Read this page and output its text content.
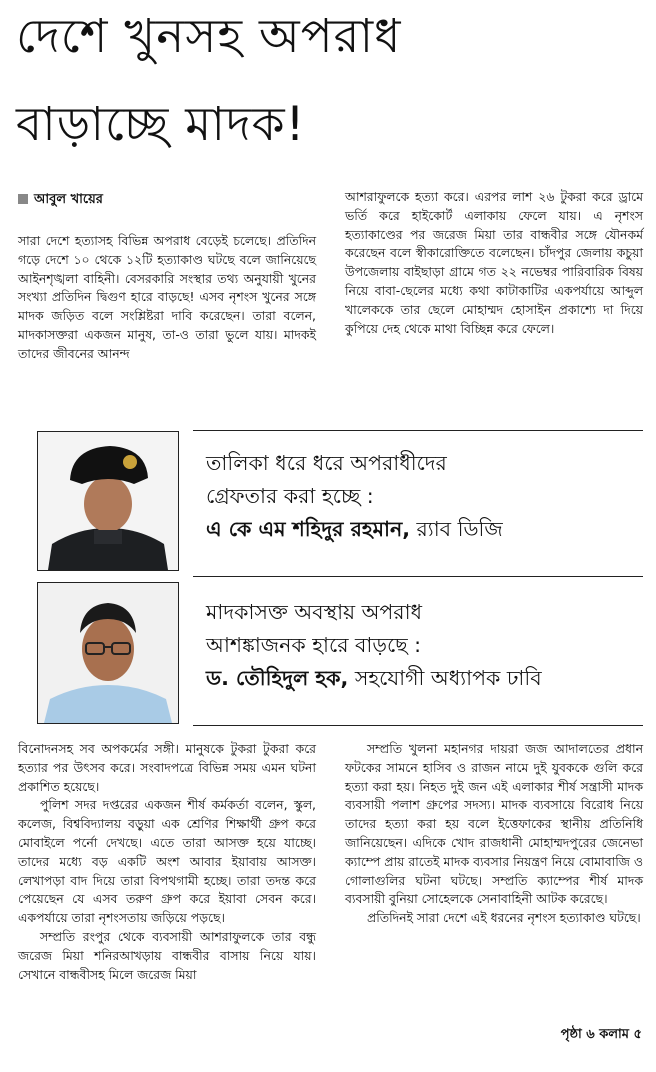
দেশে খুনসহ অপরাধ
বাড়াচ্ছে মাদক!
আবুল খায়ের

সারা দেশে হত্যাসহ বিভিন্ন অপরাধ বেড়েই চলেছে। প্রতিদিন গড়ে দেশে ১০ থেকে ১২টি হত্যাকাণ্ড ঘটছে বলে জানিয়েছে আইনশৃঙ্খলা বাহিনী। বেসরকারি সংস্থার তথ্য অনুযায়ী খুনের সংখ্যা প্রতিদিন দ্বিগুণ হারে বাড়ছে! এসব নৃশংস খুনের সঙ্গে মাদক জড়িত বলে সংশ্লিষ্টরা দাবি করেছেন। তারা বলেন, মাদকাসক্তরা একজন মানুষ, তা-ও তারা ভুলে যায়। মাদকই তাদের জীবনের আনন্দ

আশরাফুলকে হত্যা করে। এরপর লাশ ২৬ টুকরা করে ড্রামে ভর্তি করে হাইকোর্ট এলাকায় ফেলে যায়। এ নৃশংস হত্যাকাণ্ডের পর জরেজ মিয়া তার বান্ধবীর সঙ্গে যৌনকর্ম করেছেন বলে স্বীকারোক্তিতে বলেছেন। চাঁদপুর জেলায় কচুয়া উপজেলায় বাইছাড়া গ্রামে গত ২২ নভেম্বর পারিবারিক বিষয় নিয়ে বাবা-ছেলের মধ্যে কথা কাটাকাটির একপর্যায়ে আব্দুল খালেককে তার ছেলে মোহাম্মদ হোসাইন প্রকাশ্যে দা দিয়ে কুপিয়ে দেহ থেকে মাথা বিচ্ছিন্ন করে ফেলে।

তালিকা ধরে ধরে অপরাধীদের
গ্রেফতার করা হচ্ছে :
এ কে এম শহিদুর রহমান, র‌্যাব ডিজি
মাদকাসক্ত অবস্থায় অপরাধ
আশঙ্কাজনক হারে বাড়ছে :
ড. তৌহিদুল হক, সহযোগী অধ্যাপক ঢাবি

বিনোদনসহ সব অপকর্মের সঙ্গী। মানুষকে টুকরা টুকরা করে হত্যার পর উৎসব করে। সংবাদপত্রে বিভিন্ন সময় এমন ঘটনা প্রকাশিত হয়েছে।

পুলিশ সদর দপ্তরের একজন শীর্ষ কর্মকর্তা বলেন, স্কুল, কলেজ, বিশ্ববিদ্যালয় বড়ুয়া এক শ্রেণির শিক্ষার্থী গ্রুপ করে মোবাইলে পর্নো দেখছে। এতে তারা আসক্ত হয়ে যাচ্ছে। তাদের মধ্যে বড় একটি অংশ আবার ইয়াবায় আসক্ত। লেখাপড়া বাদ দিয়ে তারা বিপথগামী হচ্ছে। তারা তদন্ত করে পেয়েছেন যে এসব তরুণ গ্রুপ করে ইয়াবা সেবন করে। একপর্যায়ে তারা নৃশংসতায় জড়িয়ে পড়ছে।

সম্প্রতি রংপুর থেকে ব্যবসায়ী আশরাফুলকে তার বন্ধু জরেজ মিয়া শনিরআখড়ায় বান্ধবীর বাসায় নিয়ে যায়। সেখানে বান্ধবীসহ মিলে জরেজ মিয়া

সম্প্রতি খুলনা মহানগর দায়রা জজ আদালতের প্রধান ফটকের সামনে হাসিব ও রাজন নামে দুই যুবককে গুলি করে হত্যা করা হয়। নিহত দুই জন এই এলাকার শীর্ষ সন্ত্রাসী মাদক ব্যবসায়ী পলাশ গ্রুপের সদস্য। মাদক ব্যবসায়ে বিরোধ নিয়ে তাদের হত্যা করা হয় বলে ইত্তেফাকের স্থানীয় প্রতিনিধি জানিয়েছেন। এদিকে খোদ রাজধানী মোহাম্মদপুরের জেনেভা ক্যাম্পে প্রায় রাতেই মাদক ব্যবসার নিয়ন্ত্রণ নিয়ে বোমাবাজি ও গোলাগুলির ঘটনা ঘটছে। সম্প্রতি ক্যাম্পের শীর্ষ মাদক ব্যবসায়ী বুনিয়া সোহেলকে সেনাবাহিনী আটক করেছে।

প্রতিদিনই সারা দেশে এই ধরনের নৃশংস হত্যাকাণ্ড ঘটছে।

পৃষ্ঠা ৬ কলাম ৫
